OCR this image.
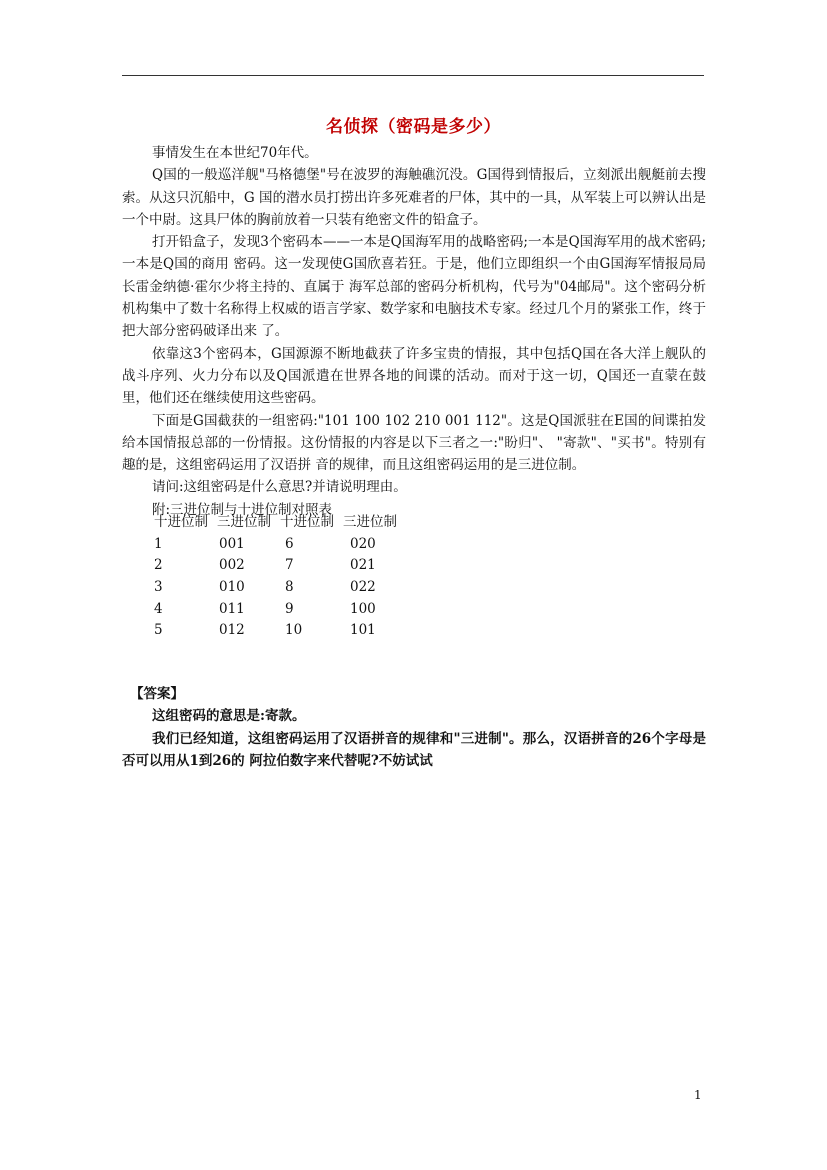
名侦探（密码是多少）

事情发生在本世纪70年代。

Q国的一般巡洋舰"马格德堡"号在波罗的海触礁沉没。G国得到情报后，立刻派出舰艇前去搜索。从这只沉船中，G 国的潜水员打捞出许多死难者的尸体，其中的一具，从军装上可以辨认出是一个中尉。这具尸体的胸前放着一只装有绝密文件的铅盒子。

打开铅盒子，发现3个密码本——一本是Q国海军用的战略密码;一本是Q国海军用的战术密码;一本是Q国的商用 密码。这一发现使G国欣喜若狂。于是，他们立即组织一个由G国海军情报局局长雷金纳德·霍尔少将主持的、直属于 海军总部的密码分析机构，代号为"04邮局"。这个密码分析机构集中了数十名称得上权威的语言学家、数学家和电脑技术专家。经过几个月的紧张工作，终于把大部分密码破译出来 了。

依靠这3个密码本，G国源源不断地截获了许多宝贵的情报，其中包括Q国在各大洋上舰队的战斗序列、火力分布以及Q国派遣在世界各地的间谍的活动。而对于这一切，Q国还一直蒙在鼓里，他们还在继续使用这些密码。

下面是G国截获的一组密码:"101 100 102 210 001 112"。这是Q国派驻在E国的间谍拍发给本国情报总部的一份情报。这份情报的内容是以下三者之一:"盼归"、 "寄款"、"买书"。特别有趣的是，这组密码运用了汉语拼 音的规律，而且这组密码运用的是三进位制。

请问:这组密码是什么意思?并请说明理由。

附:三进位制与十进位制对照表

十进位制 三进位制 十进位制 三进位制
1	001	6	020
2	002	7	021
3	010	8	022
4	011	9	100
5	012	10	101
【答案】

这组密码的意思是:寄款。

我们已经知道，这组密码运用了汉语拼音的规律和"三进制"。那么，汉语拼音的26个字母是否可以用从1到26的 阿拉伯数字来代替呢?不妨试试

1
